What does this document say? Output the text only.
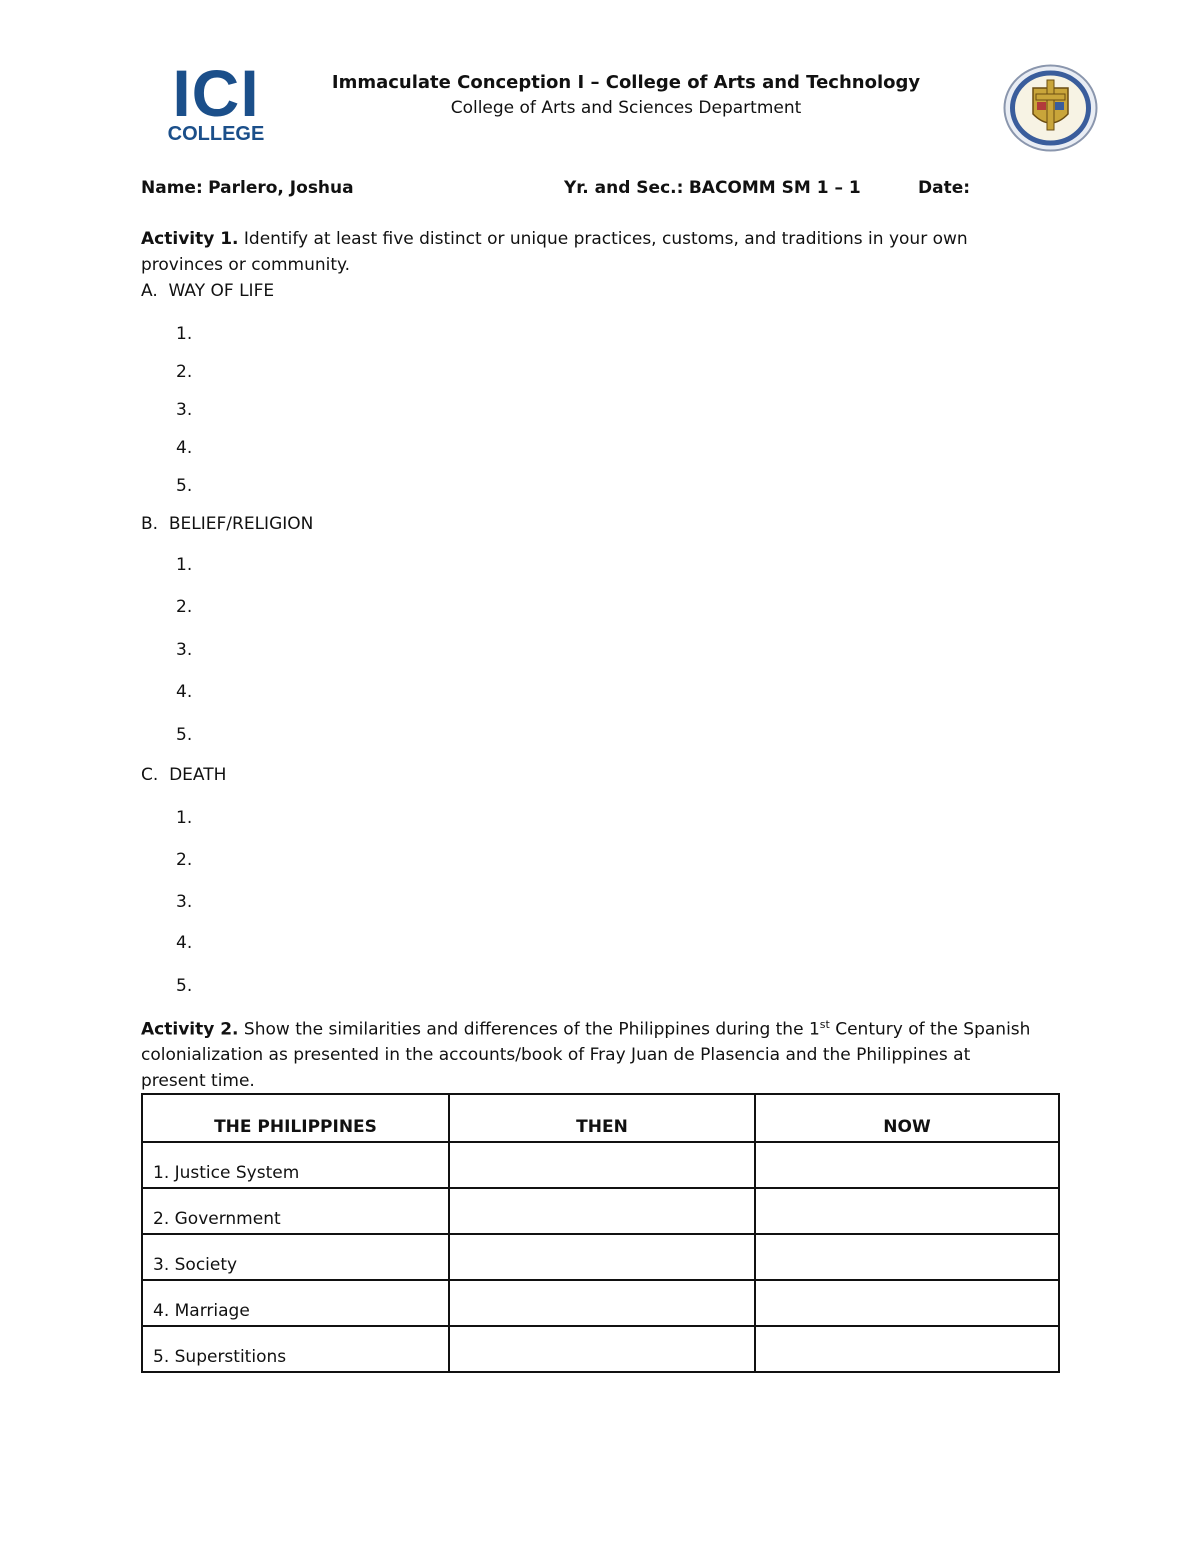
ICI
COLLEGE
Immaculate Conception I – College of Arts and Technology
College of Arts and Sciences Department
Name: Parlero, Joshua	Yr. and Sec.: BACOMM SM 1 – 1	Date:
Activity 1. Identify at least five distinct or unique practices, customs, and traditions in your own
provinces or community.
A. WAY OF LIFE
1.
2.
3.
4.
5.
B. BELIEF/RELIGION
1.
2.
3.
4.
5.
C. DEATH
1.
2.
3.
4.
5.
Activity 2. Show the similarities and differences of the Philippines during the 1st Century of the Spanish
colonialization as presented in the accounts/book of Fray Juan de Plasencia and the Philippines at
present time.
THE PHILIPPINES	THEN	NOW
1. Justice System		
2. Government		
3. Society		
4. Marriage		
5. Superstitions		
